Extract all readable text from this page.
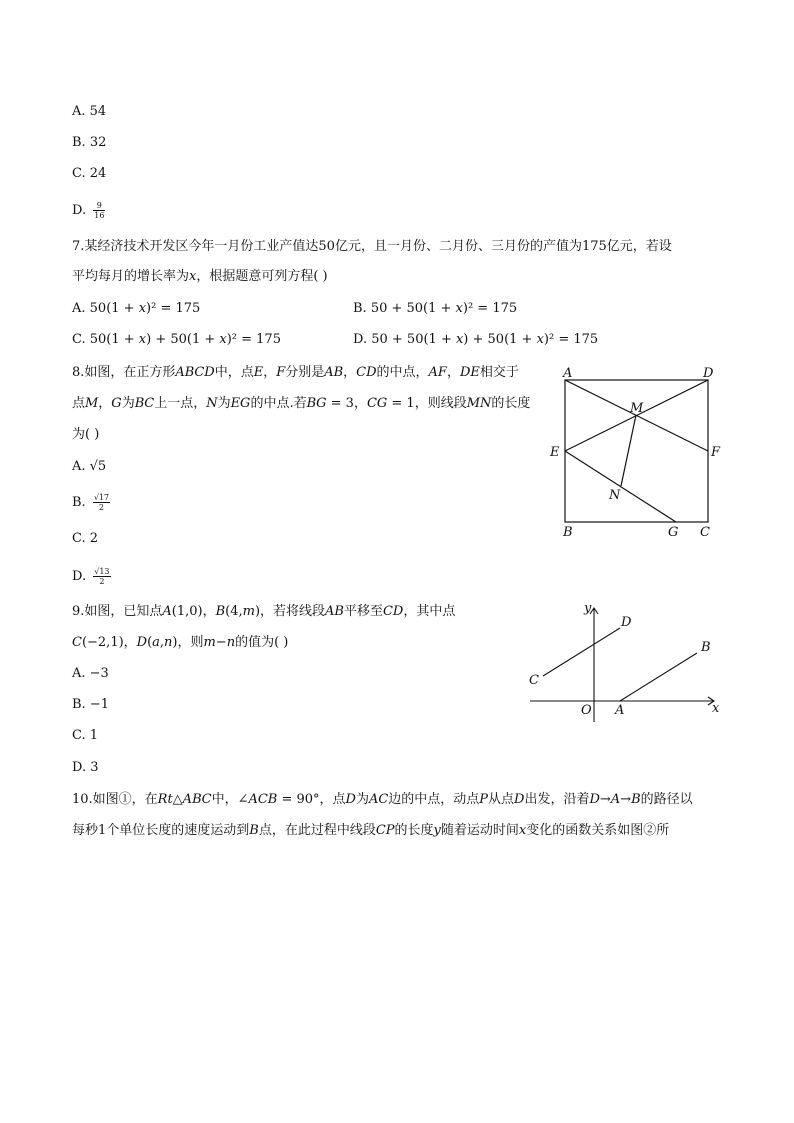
A. 54
B. 32
C. 24
D. $\frac{9}{16}$
7.某经济技术开发区今年一月份工业产值达50亿元，且一月份、二月份、三月份的产值为175亿元，若设
平均每月的增长率为𝑥，根据题意可列方程( )
A. 50(1 + 𝑥)² = 175	B. 50 + 50(1 + 𝑥)² = 175
C. 50(1 + 𝑥) + 50(1 + 𝑥)² = 175	D. 50 + 50(1 + 𝑥) + 50(1 + 𝑥)² = 175
8.如图，在正方形𝐴𝐵𝐶𝐷中，点𝐸，𝐹分别是𝐴𝐵，𝐶𝐷的中点，𝐴𝐹，𝐷𝐸相交于
点𝑀，𝐺为𝐵𝐶上一点，𝑁为𝐸𝐺的中点.若𝐵𝐺 = 3，𝐶𝐺 = 1，则线段𝑀𝑁的长度
为( )
A. √5
B. $\frac{√17}{2}$
C. 2
D. $\frac{√13}{2}$
A	D
E	F
M
N
B	G C
9.如图，已知点𝐴(1,0)，𝐵(4,𝑚)，若将线段𝐴𝐵平移至𝐶𝐷，其中点
𝐶(−2,1)，𝐷(𝑎,𝑛)，则𝑚−𝑛的值为( )
A. −3
B. −1
C. 1
D. 3
y
x
O A
B
C
D
10.如图①，在𝑅𝑡△𝐴𝐵𝐶中，∠𝐴𝐶𝐵 = 90°，点𝐷为𝐴𝐶边的中点，动点𝑃从点𝐷出发，沿着𝐷→𝐴→𝐵的路径以
每秒1个单位长度的速度运动到𝐵点，在此过程中线段𝐶𝑃的长度𝑦随着运动时间𝑥变化的函数关系如图②所
